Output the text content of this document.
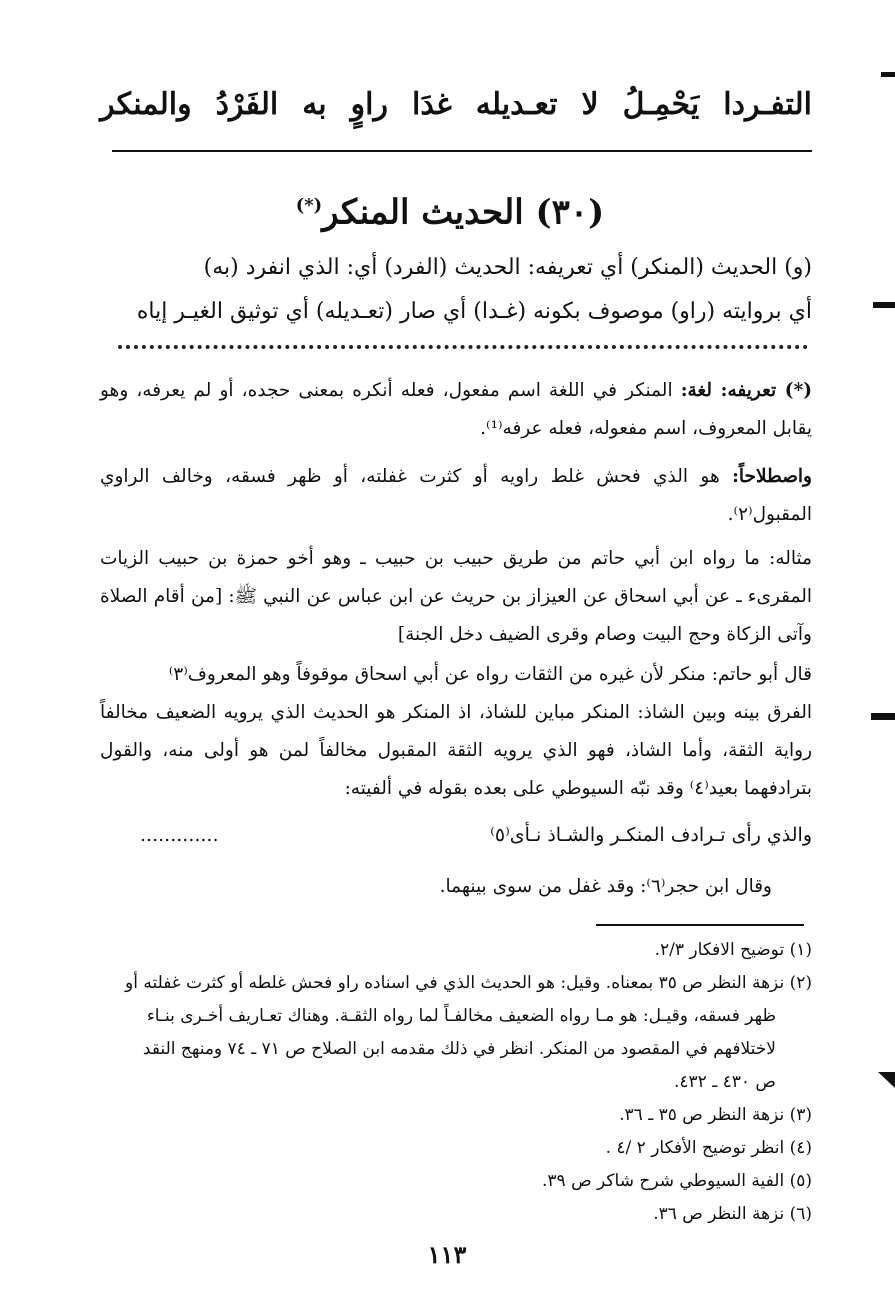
والمنكر الفَرْدُ به راوٍ غدَا تعـديله لا يَحْمِـلُ التفـردا
(٣٠) الحديث المنكر(*)

(و) الحديث (المنكر) أي تعريفه: الحديث (الفرد) أي: الذي انفرد (به)

أي بروايته (راو) موصوف بكونه (غـدا) أي صار (تعـديله) أي توثيق الغيـر إياه

(*) تعريفه: لغة: المنكر في اللغة اسم مفعول، فعله أنكره بمعنى حجده، أو لم يعرفه، وهو يقابل المعروف، اسم مفعوله، فعله عرفه⁽¹⁾.

واصطلاحاً: هو الذي فحش غلط راويه أو كثرت غفلته، أو ظهر فسقه، وخالف الراوي المقبول⁽٢⁾.

مثاله: ما رواه ابن أبي حاتم من طريق حبيب بن حبيب ـ وهو أخو حمزة بن حبيب الزيات المقرىء ـ عن أبي اسحاق عن العيزاز بن حريث عن ابن عباس عن النبي ﷺ: [من أقام الصلاة وآتى الزكاة وحج البيت وصام وقرى الضيف دخل الجنة]

قال أبو حاتم: منكر لأن غيره من الثقات رواه عن أبي اسحاق موقوفاً وهو المعروف⁽٣⁾

الفرق بينه وبين الشاذ: المنكر مباين للشاذ، اذ المنكر هو الحديث الذي يرويه الضعيف مخالفاً رواية الثقة، وأما الشاذ، فهو الذي يرويه الثقة المقبول مخالفاً لمن هو أولى منه، والقول بترادفهما بعيد⁽٤⁾ وقد نبّه السيوطي على بعده بقوله في ألفيته:

والذي رأى تـرادف المنكـر والشـاذ نـأى⁽٥⁾
.............

وقال ابن حجر⁽٦⁾: وقد غفل من سوى بينهما.

(١) توضيح الافكار ٢/٣.

(٢) نزهة النظر ص ٣٥ بمعناه. وقيل: هو الحديث الذي في اسناده راو فحش غلطه أو كثرت غفلته أو

ظهر فسقه، وقيـل: هو مـا رواه الضعيف مخالفـاً لما رواه الثقـة. وهناك تعـاريف أخـرى بنـاء

لاختلافهم في المقصود من المنكر. انظر في ذلك مقدمه ابن الصلاح ص ٧١ ـ ٧٤ ومنهج النقد

ص ٤٣٠ ـ ٤٣٢.

(٣) نزهة النظر ص ٣٥ ـ ٣٦.

(٤) انظر توضيح الأفكار ٢ /٤ .

(٥) الفية السيوطي شرح شاكر ص ٣٩.

(٦) نزهة النظر ص ٣٦.

١١٣
